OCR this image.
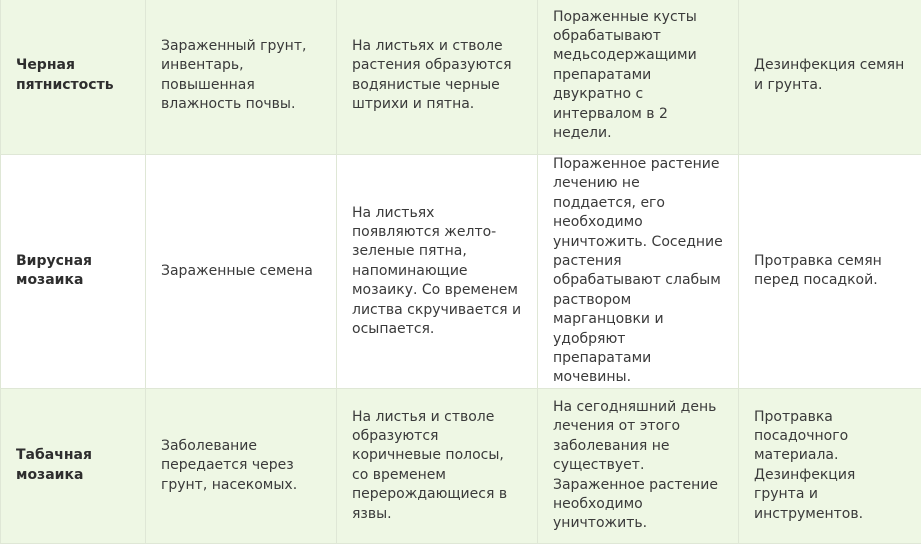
Черная пятнистость	Зараженный грунт, инвентарь, повышенная влажность почвы.	На листьях и стволе растения образуются водянистые черные штрихи и пятна.	Пораженные кусты обрабатывают медьсодержащими препаратами двукратно с интервалом в 2 недели.	Дезинфекция семян и грунта.

Вирусная мозаика	Зараженные семена	На листьях появляются желто-зеленые пятна, напоминающие мозаику. Со временем листва скручивается и осыпается.	Пораженное растение лечению не поддается, его необходимо уничтожить. Соседние растения обрабатывают слабым раствором марганцовки и удобряют препаратами мочевины.	Протравка семян перед посадкой.

Табачная мозаика	Заболевание передается через грунт, насекомых.	На листья и стволе образуются коричневые полосы, со временем перерождающиеся в язвы.	На сегодняшний день лечения от этого заболевания не существует. Зараженное растение необходимо уничтожить.	Протравка посадочного материала. Дезинфекция грунта и инструментов.
